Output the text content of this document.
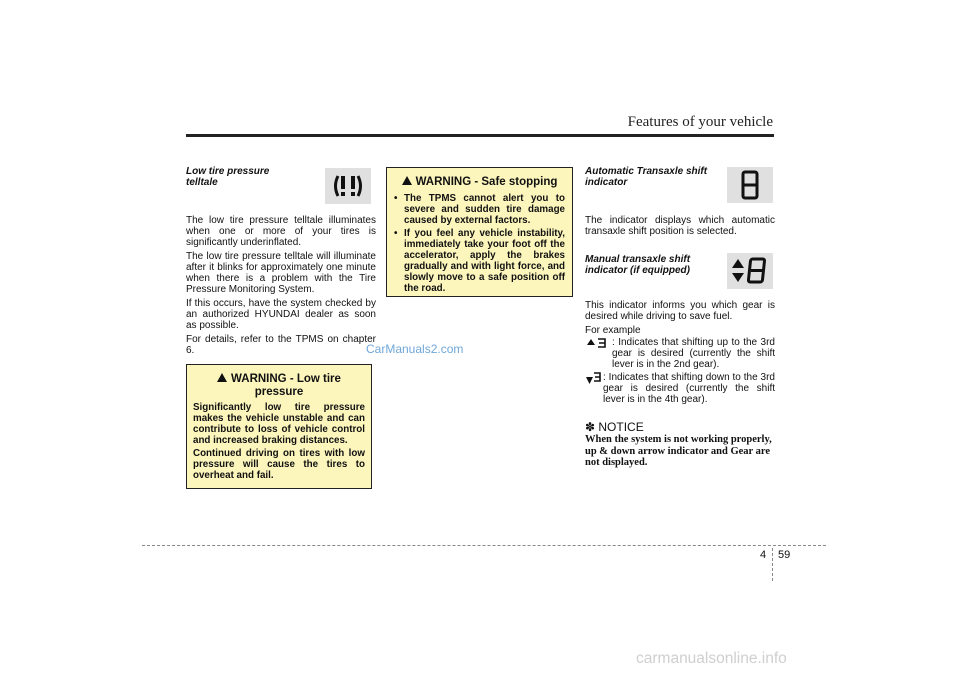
Features of your vehicle
Low tire pressure
telltale

The low tire pressure telltale illuminates when one or more of your tires is significantly underinflated.

The low tire pressure telltale will illuminate after it blinks for approximately one minute when there is a problem with the Tire Pressure Monitoring System.

If this occurs, have the system checked by an authorized HYUNDAI dealer as soon as possible.

For details, refer to the TPMS on chapter 6.

WARNING - Low tire pressure
Significantly low tire pressure makes the vehicle unstable and can contribute to loss of vehicle control and increased braking distances.
Continued driving on tires with low pressure will cause the tires to overheat and fail.
WARNING - Safe stopping
• The TPMS cannot alert you to severe and sudden tire damage caused by external factors.
• If you feel any vehicle instability, immediately take your foot off the accelerator, apply the brakes gradually and with light force, and slowly move to a safe position off the road.
CarManuals2.com
Automatic Transaxle shift
indicator

The indicator displays which automatic transaxle shift position is selected.

Manual transaxle shift
indicator (if equipped)

This indicator informs you which gear is desired while driving to save fuel.

For example

: Indicates that shifting up to the 3rd gear is desired (currently the shift lever is in the 2nd gear).
: Indicates that shifting down to the 3rd gear is desired (currently the shift lever is in the 4th gear).
✽ NOTICE
When the system is not working properly, up & down arrow indicator and Gear are not displayed.
4 59
carmanualsonline.info
